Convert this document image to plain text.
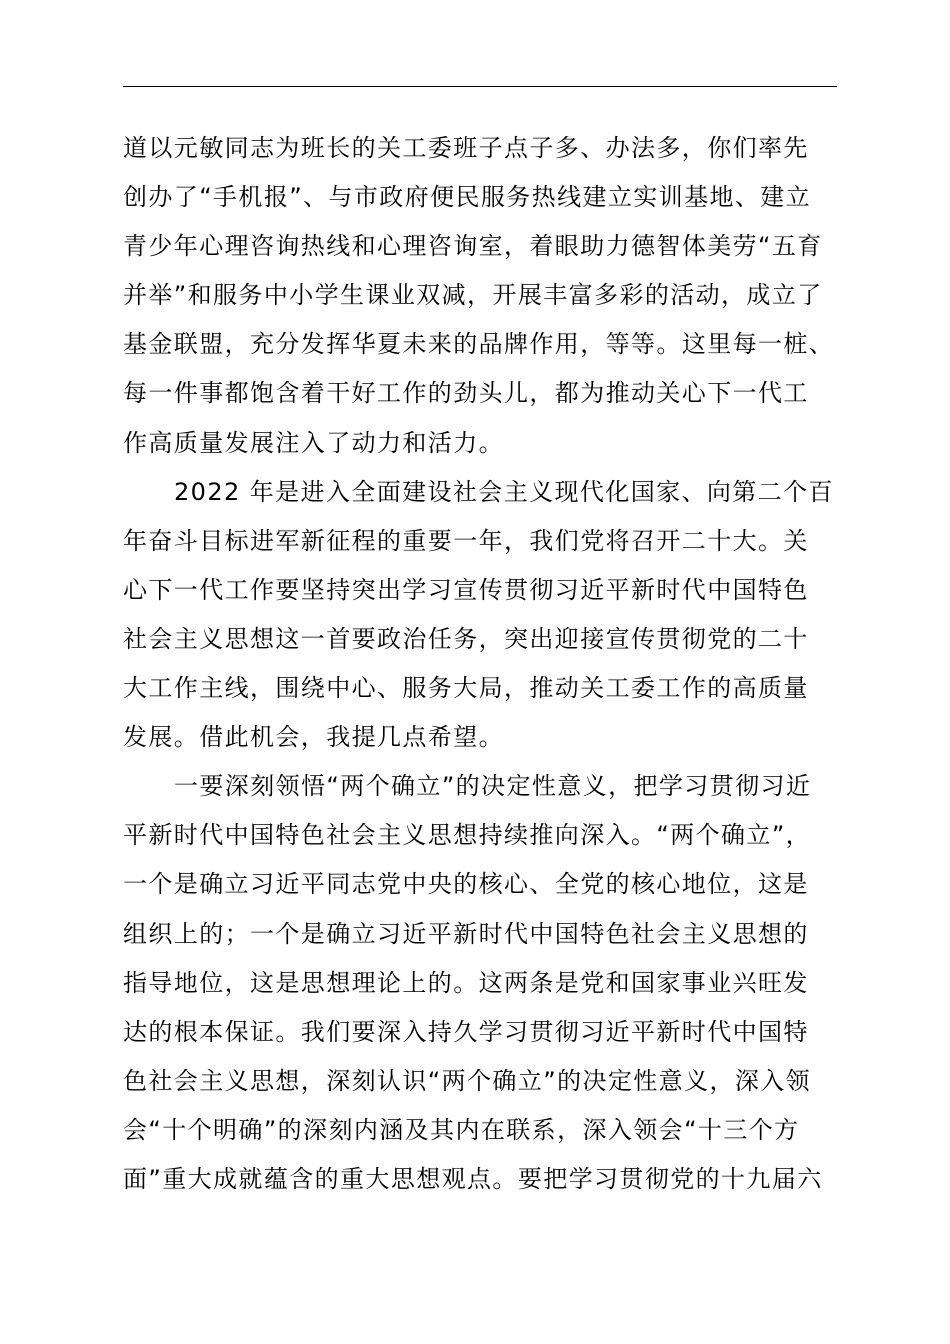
道以元敏同志为班长的关工委班子点子多、办法多，你们率先
创办了“手机报”、与市政府便民服务热线建立实训基地、建立
青少年心理咨询热线和心理咨询室，着眼助力德智体美劳“五育
并举”和服务中小学生课业双减，开展丰富多彩的活动，成立了
基金联盟，充分发挥华夏未来的品牌作用，等等。这里每一桩、
每一件事都饱含着干好工作的劲头儿，都为推动关心下一代工
作高质量发展注入了动力和活力。
2022 年是进入全面建设社会主义现代化国家、向第二个百
年奋斗目标进军新征程的重要一年，我们党将召开二十大。关
心下一代工作要坚持突出学习宣传贯彻习近平新时代中国特色
社会主义思想这一首要政治任务，突出迎接宣传贯彻党的二十
大工作主线，围绕中心、服务大局，推动关工委工作的高质量
发展。借此机会，我提几点希望。
一要深刻领悟“两个确立”的决定性意义，把学习贯彻习近
平新时代中国特色社会主义思想持续推向深入。“两个确立”，
一个是确立习近平同志党中央的核心、全党的核心地位，这是
组织上的；一个是确立习近平新时代中国特色社会主义思想的
指导地位，这是思想理论上的。这两条是党和国家事业兴旺发
达的根本保证。我们要深入持久学习贯彻习近平新时代中国特
色社会主义思想，深刻认识“两个确立”的决定性意义，深入领
会“十个明确”的深刻内涵及其内在联系，深入领会“十三个方
面”重大成就蕴含的重大思想观点。要把学习贯彻党的十九届六
